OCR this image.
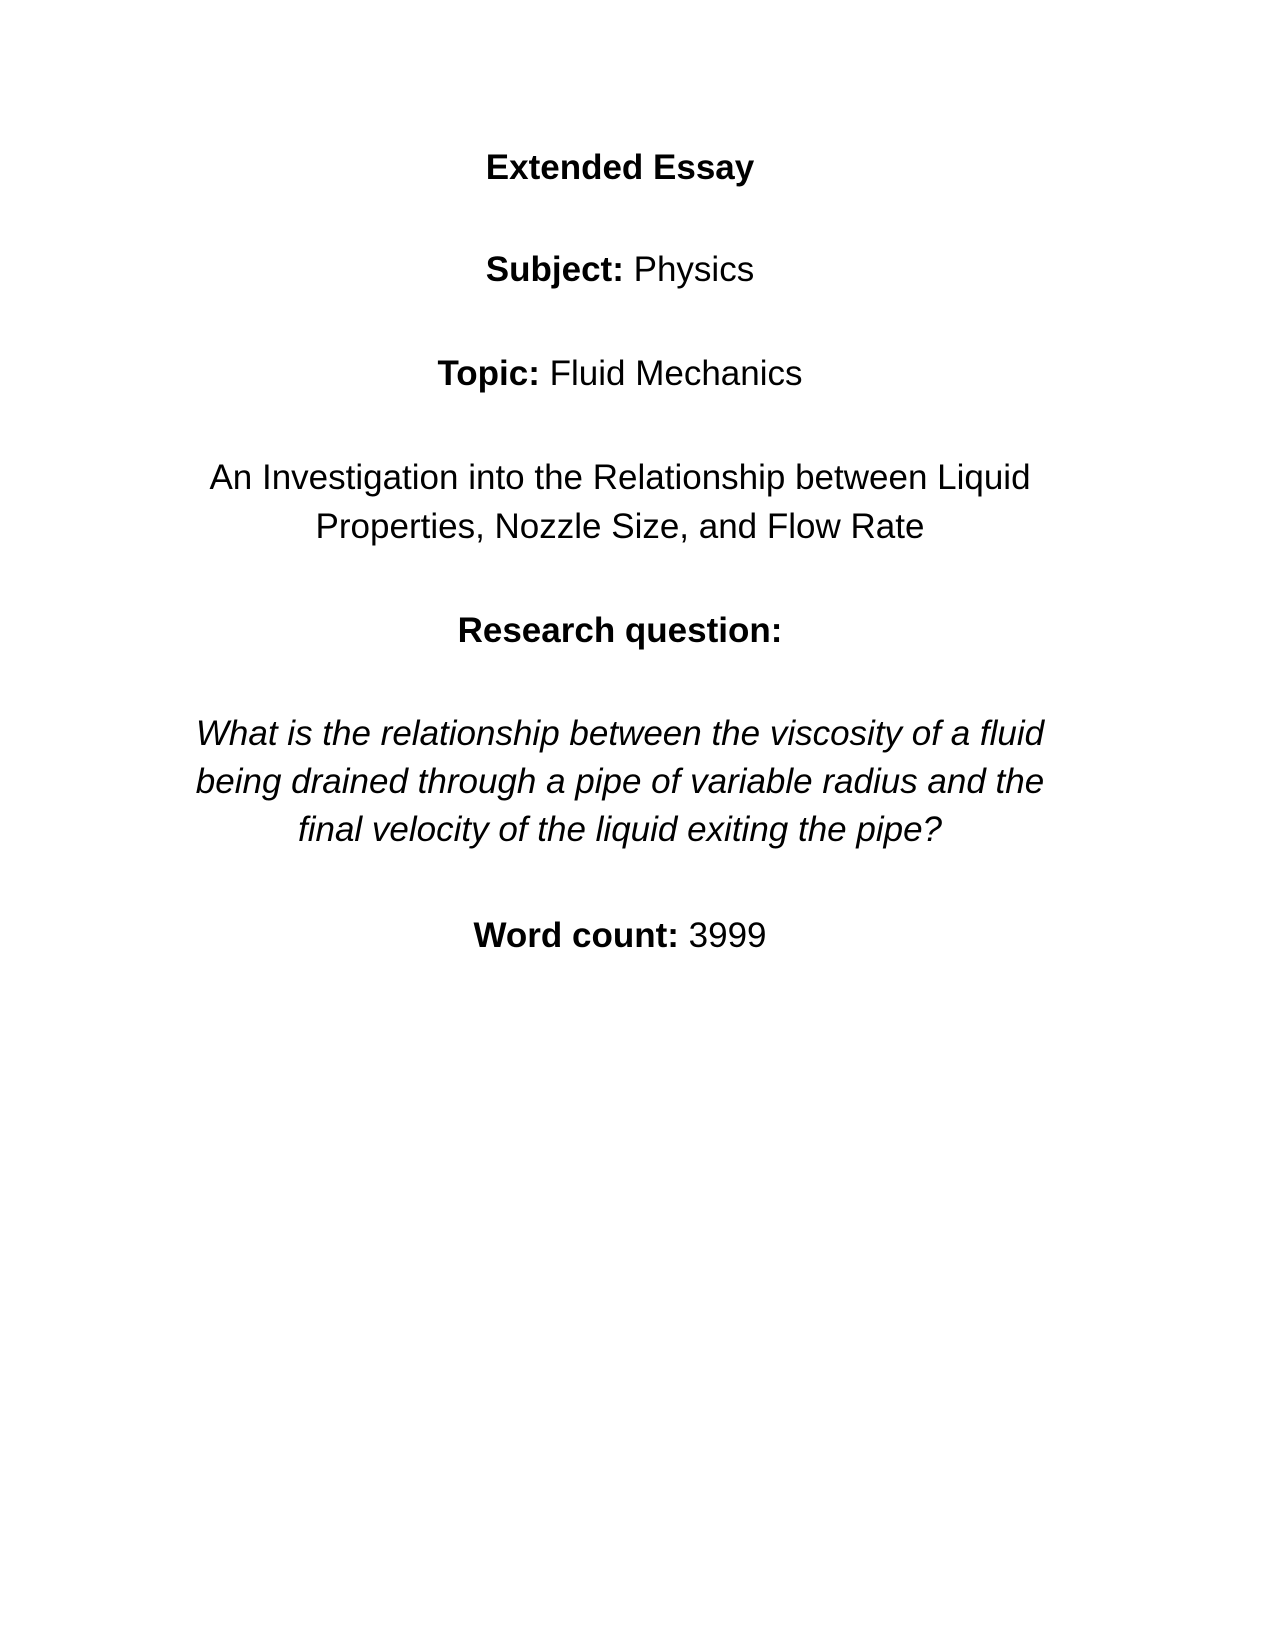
Extended Essay
Subject: Physics
Topic: Fluid Mechanics
An Investigation into the Relationship between Liquid
Properties, Nozzle Size, and Flow Rate
Research question:
What is the relationship between the viscosity of a fluid
being drained through a pipe of variable radius and the
final velocity of the liquid exiting the pipe?
Word count: 3999
